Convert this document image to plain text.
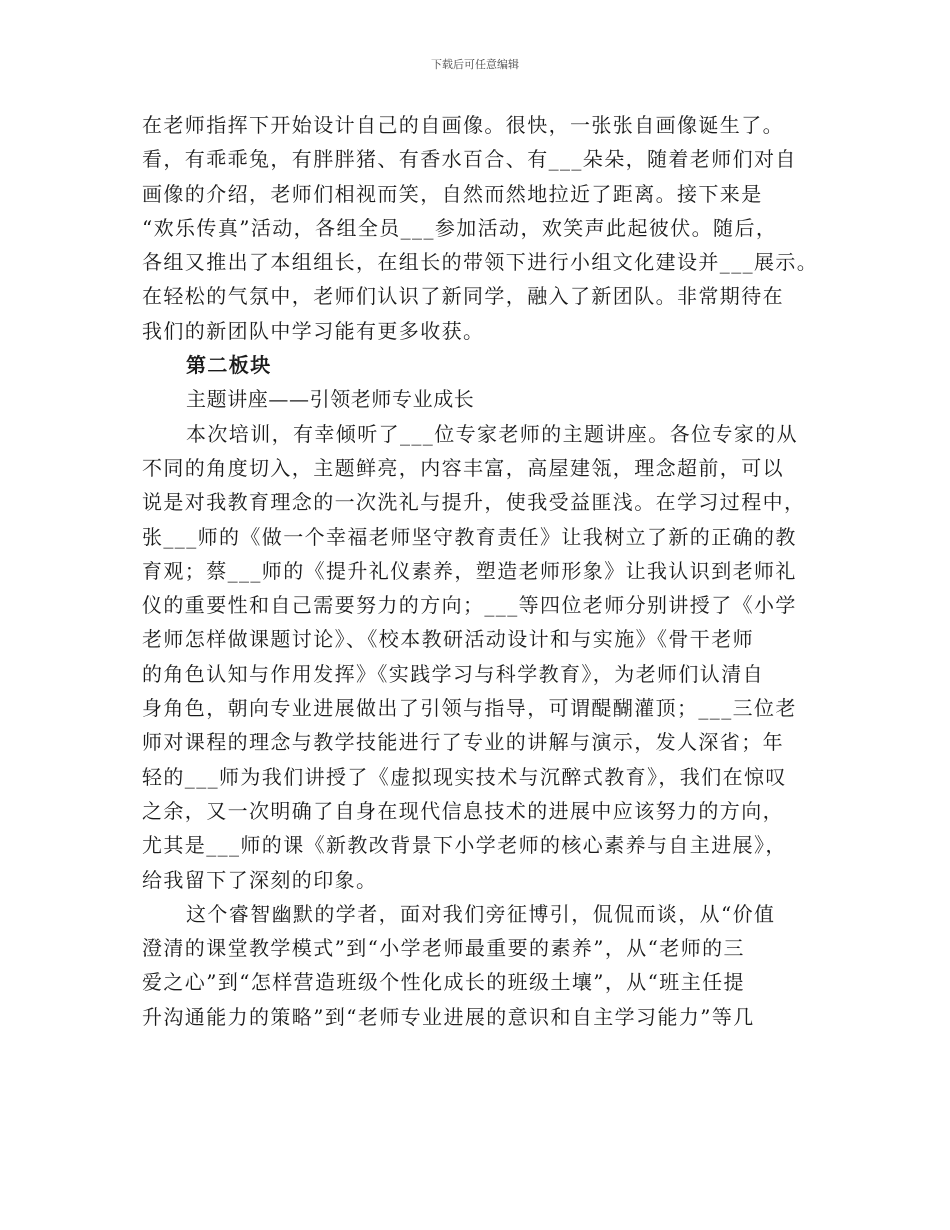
下载后可任意编辑
在老师指挥下开始设计自己的自画像。很快，一张张自画像诞生了。
看，有乖乖兔，有胖胖猪、有香水百合、有___朵朵，随着老师们对自
画像的介绍，老师们相视而笑，自然而然地拉近了距离。接下来是
“欢乐传真”活动，各组全员___参加活动，欢笑声此起彼伏。随后，
各组又推出了本组组长，在组长的带领下进行小组文化建设并___展示。
在轻松的气氛中，老师们认识了新同学，融入了新团队。非常期待在
我们的新团队中学习能有更多收获。
第二板块
主题讲座——引领老师专业成长
本次培训，有幸倾听了___位专家老师的主题讲座。各位专家的从
不同的角度切入，主题鲜亮，内容丰富，高屋建瓴，理念超前，可以
说是对我教育理念的一次洗礼与提升，使我受益匪浅。在学习过程中，
张___师的《做一个幸福老师坚守教育责任》让我树立了新的正确的教
育观；蔡___师的《提升礼仪素养，塑造老师形象》让我认识到老师礼
仪的重要性和自己需要努力的方向；___等四位老师分别讲授了《小学
老师怎样做课题讨论》、《校本教研活动设计和与实施》《骨干老师
的角色认知与作用发挥》《实践学习与科学教育》，为老师们认清自
身角色，朝向专业进展做出了引领与指导，可谓醍醐灌顶；___三位老
师对课程的理念与教学技能进行了专业的讲解与演示，发人深省；年
轻的___师为我们讲授了《虚拟现实技术与沉醉式教育》，我们在惊叹
之余，又一次明确了自身在现代信息技术的进展中应该努力的方向，
尤其是___师的课《新教改背景下小学老师的核心素养与自主进展》，
给我留下了深刻的印象。
这个睿智幽默的学者，面对我们旁征博引，侃侃而谈，从“价值
澄清的课堂教学模式”到“小学老师最重要的素养”，从“老师的三
爱之心”到“怎样营造班级个性化成长的班级土壤”，从“班主任提
升沟通能力的策略”到“老师专业进展的意识和自主学习能力”等几
